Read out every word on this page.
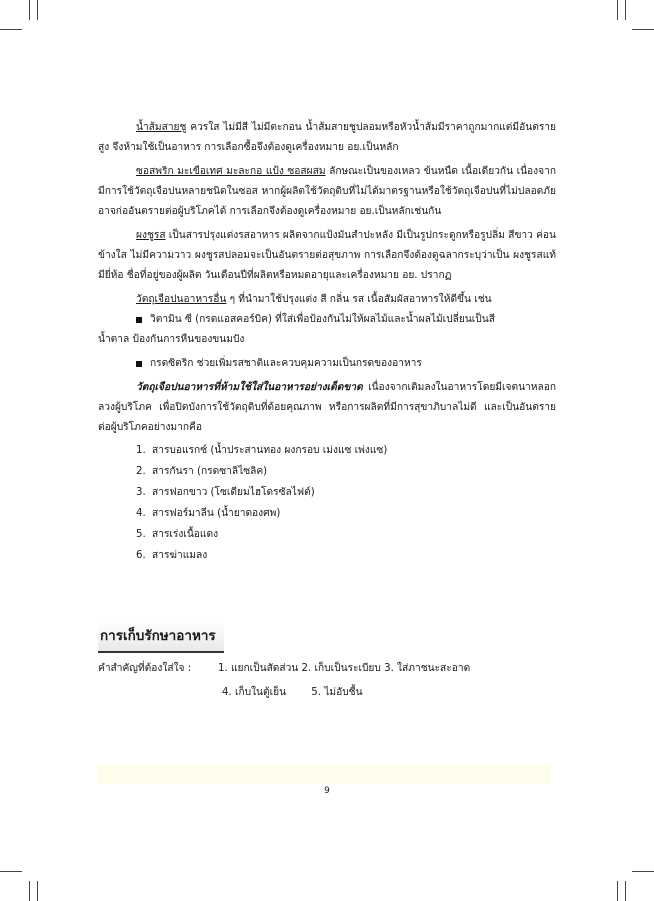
น้ำส้มสายชู ควรใส ไม่มีสี ไม่มีตะกอน น้ำส้มสายชูปลอมหรือหัวน้ำส้มมีราคาถูกมากแต่มีอันตรายสูง จึงห้ามใช้เป็นอาหาร การเลือกซื้อจึงต้องดูเครื่องหมาย อย.เป็นหลัก

ซอสพริก มะเขือเทศ มะละกอ แป้ง ซอสผสม ลักษณะเป็นของเหลว ข้นหนืด เนื้อเดียวกัน เนื่องจากมีการใช้วัตถุเจือปนหลายชนิดในซอส หากผู้ผลิตใช้วัตถุดิบที่ไม่ได้มาตรฐานหรือใช้วัตถุเจือปนที่ไม่ปลอดภัยอาจก่ออันตรายต่อผู้บริโภคได้ การเลือกจึงต้องดูเครื่องหมาย อย.เป็นหลักเช่นกัน

ผงชูรส เป็นสารปรุงแต่งรสอาหาร ผลิตจากแป้งมันสำปะหลัง มีเป็นรูปกระดูกหรือรูปลิ่ม สีขาว ค่อนข้างใส ไม่มีความวาว ผงชูรสปลอมจะเป็นอันตรายต่อสุขภาพ การเลือกจึงต้องดูฉลากระบุว่าเป็น ผงชูรสแท้ มียี่ห้อ ชื่อที่อยู่ของผู้ผลิต วันเดือนปีที่ผลิตหรือหมดอายุและเครื่องหมาย อย. ปรากฏ

วัตถุเจือปนอาหารอื่น ๆ ที่นำมาใช้ปรุงแต่ง สี กลิ่น รส เนื้อสัมผัสอาหารให้ดีขึ้น เช่น

วิตามิน ซี (กรดแอสคอร์บิค) ที่ใส่เพื่อป้องกันไม่ให้ผลไม้และน้ำผลไม้เปลี่ยนเป็นสี

น้ำตาล ป้องกันการหืนของขนมปัง

กรดซิตริก ช่วยเพิ่มรสชาติและควบคุมความเป็นกรดของอาหาร

วัตถุเจือปนอาหารที่ห้ามใช้ใส่ในอาหารอย่างเด็ดขาด เนื่องจากเติมลงในอาหารโดยมีเจตนาหลอกลวงผู้บริโภค เพื่อปิดบังการใช้วัตถุดิบที่ด้อยคุณภาพ หรือการผลิตที่มีการสุขาภิบาลไม่ดี และเป็นอันตรายต่อผู้บริโภคอย่างมากคือ

1. สารบอแรกซ์ (น้ำประสานทอง ผงกรอบ เม่งแซ เพ่งแซ)
2. สารกันรา (กรดซาลิไซลิค)
3. สารฟอกขาว (โซเดียมไฮโดรซัลไฟต์)
4. สารฟอร์มาลีน (น้ำยาดองศพ)
5. สารเร่งเนื้อแดง
6. สารฆ่าแมลง
การเก็บรักษาอาหาร
คำสำคัญที่ต้องใส่ใจ :	1. แยกเป็นสัดส่วน 2. เก็บเป็นระเบียบ 3. ใส่ภาชนะสะอาด
4. เก็บในตู้เย็น 5. ไม่อับชื้น
9
